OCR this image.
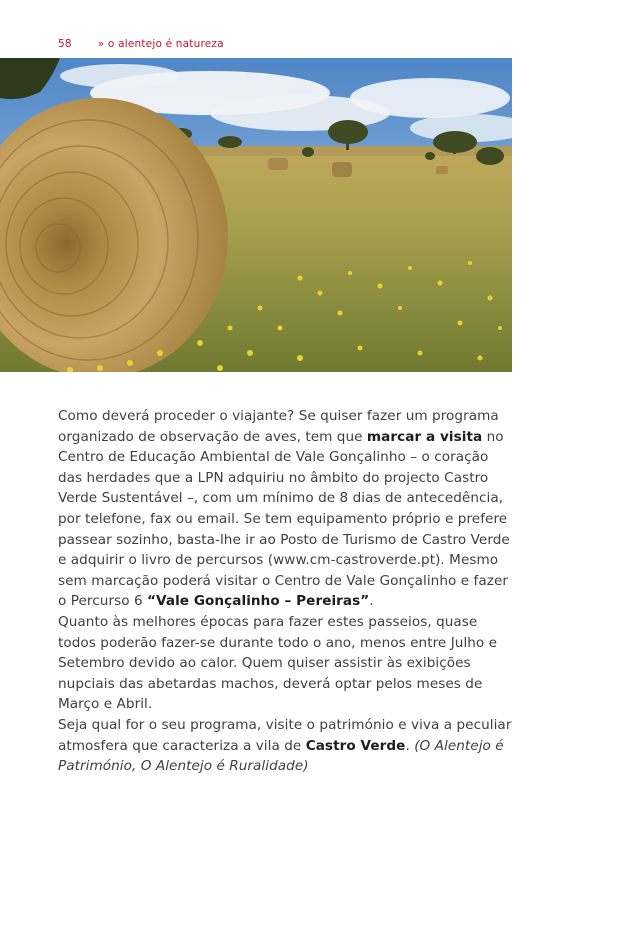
58 » o alentejo é natureza

Como deverá proceder o viajante? Se quiser fazer um programa organizado de observação de aves, tem que marcar a visita no Centro de Educação Ambiental de Vale Gonçalinho – o coração das herdades que a LPN adquiriu no âmbito do projecto Castro Verde Sustentável –, com um mínimo de 8 dias de antecedência, por telefone, fax ou email. Se tem equipamento próprio e prefere passear sozinho, basta-lhe ir ao Posto de Turismo de Castro Verde e adquirir o livro de percursos (www.cm-castroverde.pt). Mesmo sem marcação poderá visitar o Centro de Vale Gonçalinho e fazer o Percurso 6 “Vale Gonçalinho – Pereiras”.

Quanto às melhores épocas para fazer estes passeios, quase todos poderão fazer-se durante todo o ano, menos entre Julho e Setembro devido ao calor. Quem quiser assistir às exibições nupciais das abetardas machos, deverá optar pelos meses de Março e Abril.

Seja qual for o seu programa, visite o património e viva a peculiar atmosfera que caracteriza a vila de Castro Verde. (O Alentejo é Património, O Alentejo é Ruralidade)
